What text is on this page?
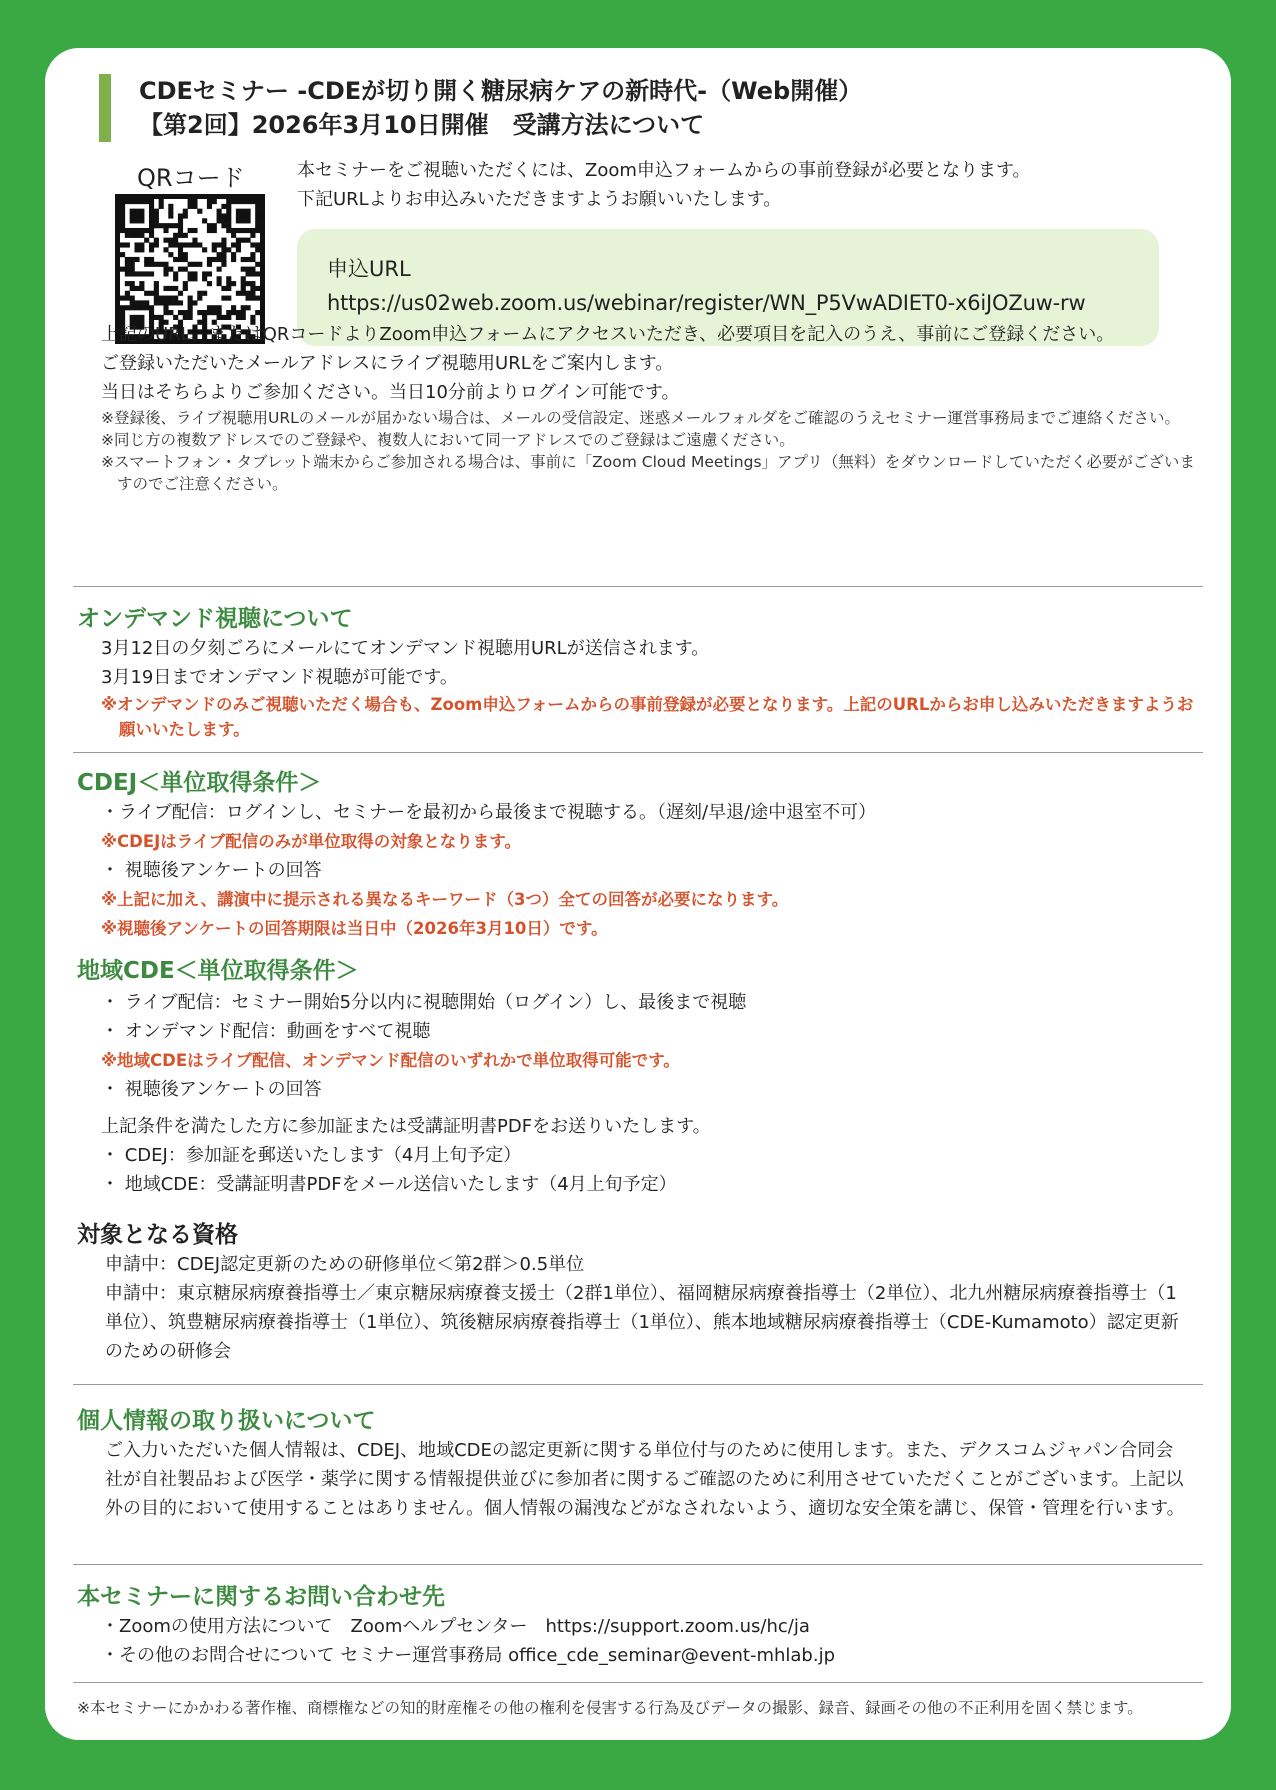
CDEセミナー -CDEが切り開く糖尿病ケアの新時代-（Web開催）
【第2回】2026年3月10日開催　受講方法について
QRコード	本セミナーをご視聴いただくには、Zoom申込フォームからの事前登録が必要となります。
下記URLよりお申込みいただきますようお願いいたします。
申込URL
https://us02web.zoom.us/webinar/register/WN_P5VwADIET0-x6iJOZuw-rw
上記のURL、またはQRコードよりZoom申込フォームにアクセスいただき、必要項目を記入のうえ、事前にご登録ください。
ご登録いただいたメールアドレスにライブ視聴用URLをご案内します。
当日はそちらよりご参加ください。当日10分前よりログイン可能です。
※登録後、ライブ視聴用URLのメールが届かない場合は、メールの受信設定、迷惑メールフォルダをご確認のうえセミナー運営事務局までご連絡ください。
※同じ方の複数アドレスでのご登録や、複数人において同一アドレスでのご登録はご遠慮ください。
※スマートフォン・タブレット端末からご参加される場合は、事前に「Zoom Cloud Meetings」アプリ（無料）をダウンロードしていただく必要がございますのでご注意ください。
オンデマンド視聴について
3月12日の夕刻ごろにメールにてオンデマンド視聴用URLが送信されます。
3月19日までオンデマンド視聴が可能です。
※オンデマンドのみご視聴いただく場合も、Zoom申込フォームからの事前登録が必要となります。上記のURLからお申し込みいただきますようお願いいたします。
CDEJ＜単位取得条件＞
・ライブ配信：ログインし、セミナーを最初から最後まで視聴する。（遅刻/早退/途中退室不可）
※CDEJはライブ配信のみが単位取得の対象となります。
・ 視聴後アンケートの回答
※上記に加え、講演中に提示される異なるキーワード（3つ）全ての回答が必要になります。
※視聴後アンケートの回答期限は当日中（2026年3月10日）です。
地域CDE＜単位取得条件＞
・ ライブ配信：セミナー開始5分以内に視聴開始（ログイン）し、最後まで視聴
・ オンデマンド配信：動画をすべて視聴
※地域CDEはライブ配信、オンデマンド配信のいずれかで単位取得可能です。
・ 視聴後アンケートの回答
上記条件を満たした方に参加証または受講証明書PDFをお送りいたします。
・ CDEJ：参加証を郵送いたします（4月上旬予定）
・ 地域CDE：受講証明書PDFをメール送信いたします（4月上旬予定）
対象となる資格
申請中：CDEJ認定更新のための研修単位＜第2群＞0.5単位
申請中：東京糖尿病療養指導士／東京糖尿病療養支援士（2群1単位）、福岡糖尿病療養指導士（2単位）、北九州糖尿病療養指導士（1単位）、筑豊糖尿病療養指導士（1単位）、筑後糖尿病療養指導士（1単位）、熊本地域糖尿病療養指導士（CDE-Kumamoto）認定更新のための研修会
個人情報の取り扱いについて
ご入力いただいた個人情報は、CDEJ、地域CDEの認定更新に関する単位付与のために使用します。また、デクスコムジャパン合同会社が自社製品および医学・薬学に関する情報提供並びに参加者に関するご確認のために利用させていただくことがございます。上記以外の目的において使用することはありません。個人情報の漏洩などがなされないよう、適切な安全策を講じ、保管・管理を行います。
本セミナーに関するお問い合わせ先
・Zoomの使用方法について　Zoomヘルプセンター　https://support.zoom.us/hc/ja
・その他のお問合せについて セミナー運営事務局 office_cde_seminar@event-mhlab.jp
※本セミナーにかかわる著作権、商標権などの知的財産権その他の権利を侵害する行為及びデータの撮影、録音、録画その他の不正利用を固く禁じます。
